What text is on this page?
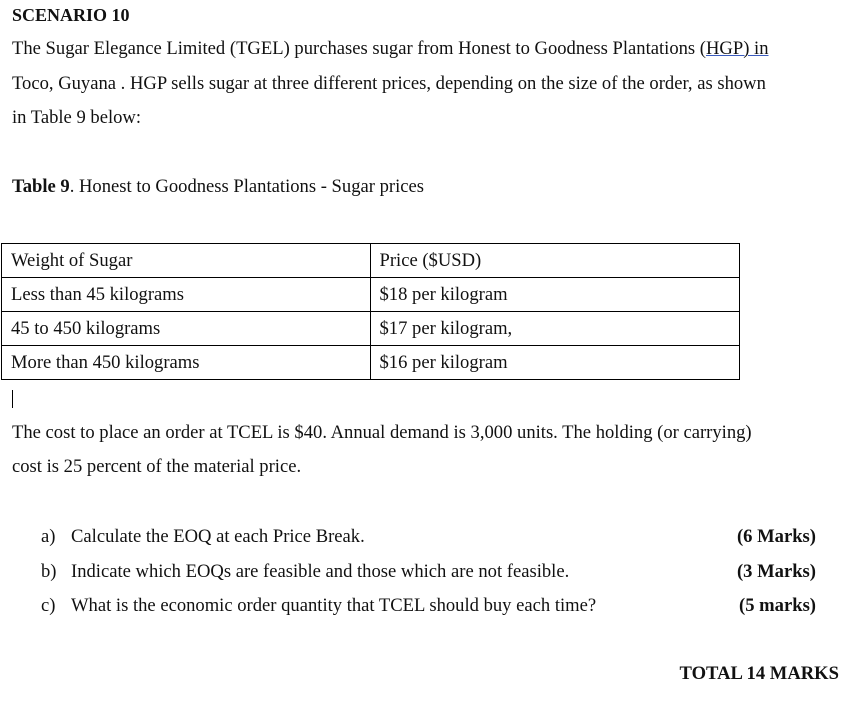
SCENARIO 10
The Sugar Elegance Limited (TGEL) purchases sugar from Honest to Goodness Plantations (HGP) in
Toco, Guyana . HGP sells sugar at three different prices, depending on the size of the order, as shown
in Table 9 below:
Table 9. Honest to Goodness Plantations - Sugar prices
Weight of Sugar	Price ($USD)
Less than 45 kilograms	$18 per kilogram
45 to 450 kilograms	$17 per kilogram,
More than 450 kilograms	$16 per kilogram
The cost to place an order at TCEL is $40. Annual demand is 3,000 units. The holding (or carrying)
cost is 25 percent of the material price.
a) Calculate the EOQ at each Price Break.	(6 Marks)
b) Indicate which EOQs are feasible and those which are not feasible.	(3 Marks)
c) What is the economic order quantity that TCEL should buy each time?	(5 marks)
TOTAL 14 MARKS
